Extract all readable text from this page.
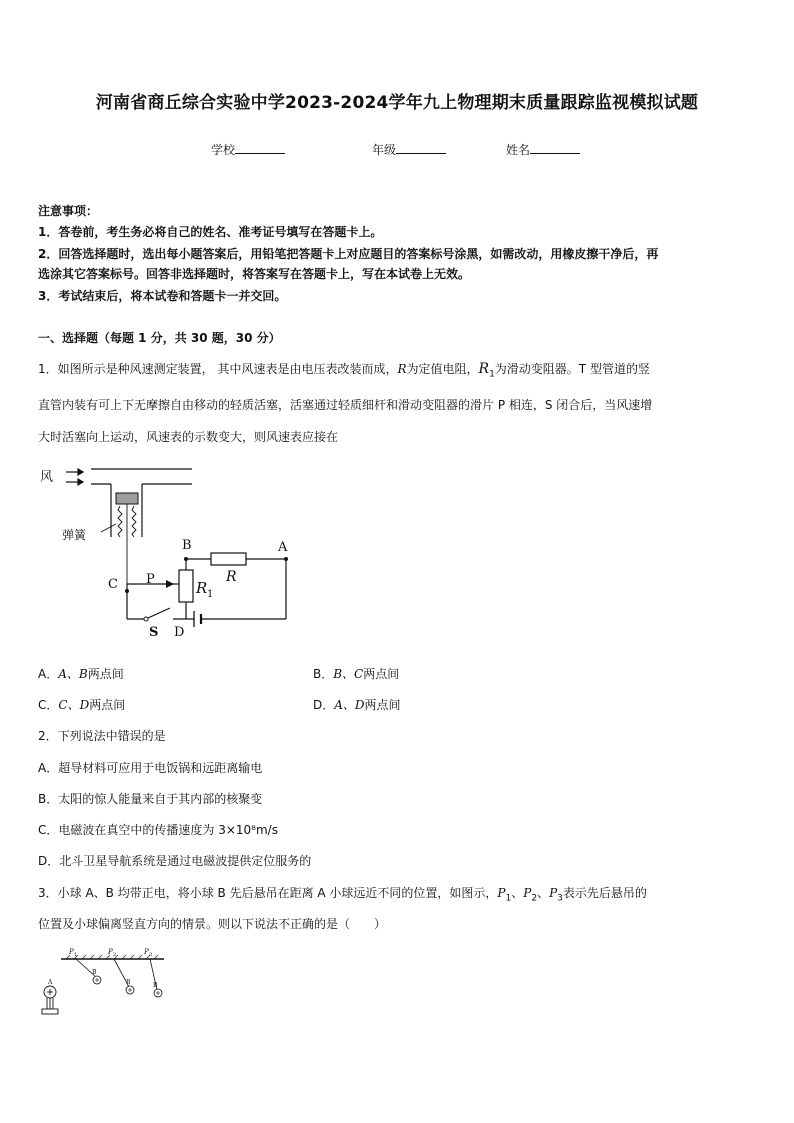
河南省商丘综合实验中学2023-2024学年九上物理期末质量跟踪监视模拟试题
学校	年级	姓名
注意事项：
1．答卷前，考生务必将自己的姓名、准考证号填写在答题卡上。
2．回答选择题时，选出每小题答案后，用铅笔把答题卡上对应题目的答案标号涂黑，如需改动，用橡皮擦干净后，再
选涂其它答案标号。回答非选择题时，将答案写在答题卡上，写在本试卷上无效。
3．考试结束后，将本试卷和答题卡一并交回。
一、选择题（每题 1 分，共 30 题，30 分）
1．如图所示是种风速测定装置， 其中风速表是由电压表改装而成，R为定值电阻，$R_1$为滑动变阻器。T 型管道的竖
直管内装有可上下无摩擦自由移动的轻质活塞，活塞通过轻质细杆和滑动变阻器的滑片 P 相连，S 闭合后，当风速增
大时活塞向上运动，风速表的示数变大，则风速表应接在
风
弹簧
B	A
C P	R 1
R
S D
A．A、B两点间	B．B、C两点间
C．C、D两点间	D．A、D两点间
2．下列说法中错误的是
A．超导材料可应用于电饭锅和远距离输电
B．太阳的惊人能量来自于其内部的核聚变
C．电磁波在真空中的传播速度为 3×10⁸m/s
D．北斗卫星导航系统是通过电磁波提供定位服务的
3．小球 A、B 均带正电，将小球 B 先后悬吊在距离 A 小球远近不同的位置，如图示，$P_1$、$P_2$、$P_3$表示先后悬吊的
位置及小球偏离竖直方向的情景。则以下说法不正确的是（　　）
P 1	P 2	P 3
B
B	B
A
